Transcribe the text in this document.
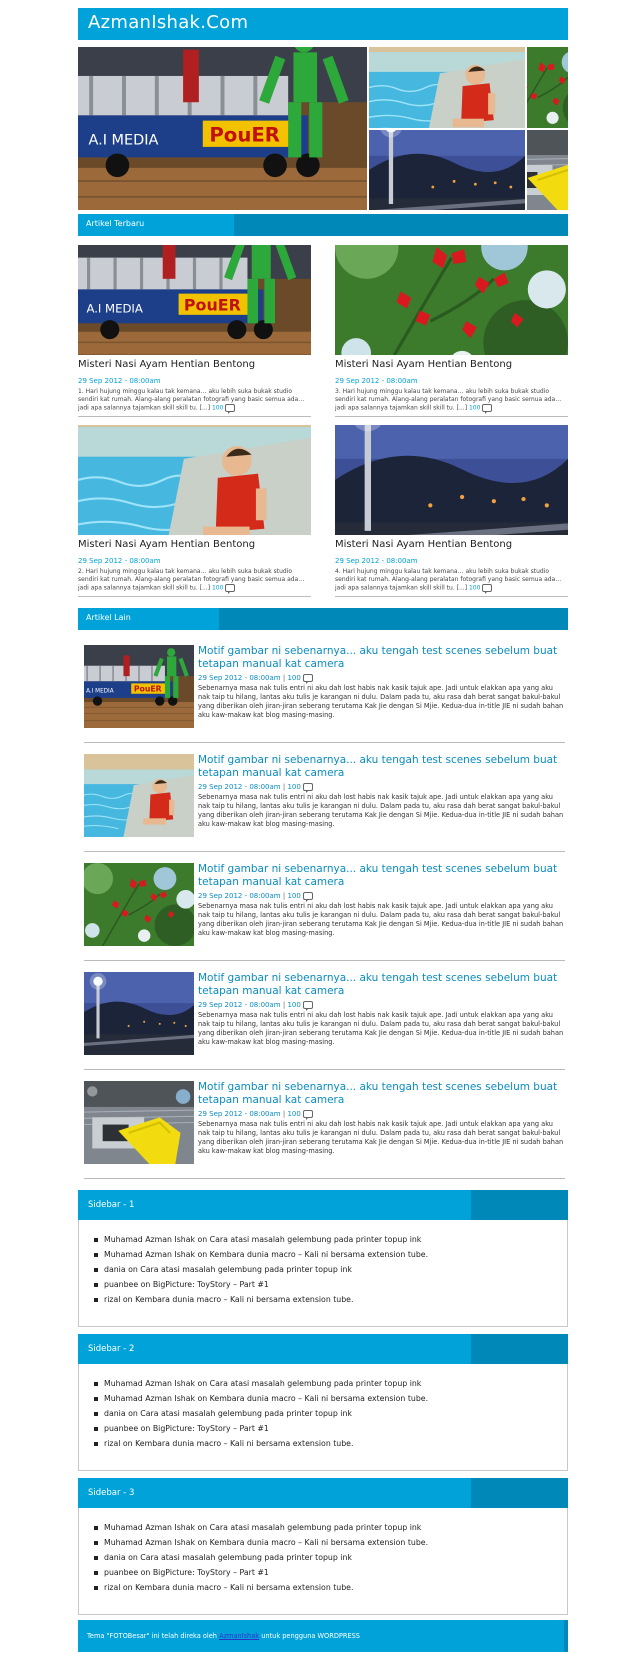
AzmanIshak.Com
Artikel Terbaru
Misteri Nasi Ayam Hentian Bentong
29 Sep 2012 - 08:00am
1. Hari hujung minggu kalau tak kemana… aku lebih suka bukak studio sendiri kat rumah. Alang-alang peralatan fotografi yang basic semua ada…jadi apa salannya tajamkan skill skill tu. [...] 100
Misteri Nasi Ayam Hentian Bentong
29 Sep 2012 - 08:00am
3. Hari hujung minggu kalau tak kemana… aku lebih suka bukak studio sendiri kat rumah. Alang-alang peralatan fotografi yang basic semua ada…jadi apa salannya tajamkan skill skill tu. [...] 100
Misteri Nasi Ayam Hentian Bentong
29 Sep 2012 - 08:00am
2. Hari hujung minggu kalau tak kemana… aku lebih suka bukak studio sendiri kat rumah. Alang-alang peralatan fotografi yang basic semua ada…jadi apa salannya tajamkan skill skill tu. [...] 100
Misteri Nasi Ayam Hentian Bentong
29 Sep 2012 - 08:00am
4. Hari hujung minggu kalau tak kemana… aku lebih suka bukak studio sendiri kat rumah. Alang-alang peralatan fotografi yang basic semua ada…jadi apa salannya tajamkan skill skill tu. [...] 100
Artikel Lain
Motif gambar ni sebenarnya... aku tengah test scenes sebelum buat tetapan manual kat camera
29 Sep 2012 - 08:00am | 100
Sebenarnya masa nak tulis entri ni aku dah lost habis nak kasik tajuk ape. Jadi untuk elakkan apa yang aku nak taip tu hilang, lantas aku tulis je karangan ni dulu. Dalam pada tu, aku rasa dah berat sangat bakul-bakul yang diberikan oleh jiran-jiran seberang terutama Kak Jie dengan Si Mjie. Kedua-dua in-title JIE ni sudah bahan aku kaw-makaw kat blog masing-masing.
Motif gambar ni sebenarnya... aku tengah test scenes sebelum buat tetapan manual kat camera
29 Sep 2012 - 08:00am | 100
Sebenarnya masa nak tulis entri ni aku dah lost habis nak kasik tajuk ape. Jadi untuk elakkan apa yang aku nak taip tu hilang, lantas aku tulis je karangan ni dulu. Dalam pada tu, aku rasa dah berat sangat bakul-bakul yang diberikan oleh jiran-jiran seberang terutama Kak Jie dengan Si Mjie. Kedua-dua in-title JIE ni sudah bahan aku kaw-makaw kat blog masing-masing.
Motif gambar ni sebenarnya... aku tengah test scenes sebelum buat tetapan manual kat camera
29 Sep 2012 - 08:00am | 100
Sebenarnya masa nak tulis entri ni aku dah lost habis nak kasik tajuk ape. Jadi untuk elakkan apa yang aku nak taip tu hilang, lantas aku tulis je karangan ni dulu. Dalam pada tu, aku rasa dah berat sangat bakul-bakul yang diberikan oleh jiran-jiran seberang terutama Kak Jie dengan Si Mjie. Kedua-dua in-title JIE ni sudah bahan aku kaw-makaw kat blog masing-masing.
Motif gambar ni sebenarnya... aku tengah test scenes sebelum buat tetapan manual kat camera
29 Sep 2012 - 08:00am | 100
Sebenarnya masa nak tulis entri ni aku dah lost habis nak kasik tajuk ape. Jadi untuk elakkan apa yang aku nak taip tu hilang, lantas aku tulis je karangan ni dulu. Dalam pada tu, aku rasa dah berat sangat bakul-bakul yang diberikan oleh jiran-jiran seberang terutama Kak Jie dengan Si Mjie. Kedua-dua in-title JIE ni sudah bahan aku kaw-makaw kat blog masing-masing.
Motif gambar ni sebenarnya... aku tengah test scenes sebelum buat tetapan manual kat camera
29 Sep 2012 - 08:00am | 100
Sebenarnya masa nak tulis entri ni aku dah lost habis nak kasik tajuk ape. Jadi untuk elakkan apa yang aku nak taip tu hilang, lantas aku tulis je karangan ni dulu. Dalam pada tu, aku rasa dah berat sangat bakul-bakul yang diberikan oleh jiran-jiran seberang terutama Kak Jie dengan Si Mjie. Kedua-dua in-title JIE ni sudah bahan aku kaw-makaw kat blog masing-masing.
Sidebar - 1
Muhamad Azman Ishak on Cara atasi masalah gelembung pada printer topup ink
Muhamad Azman Ishak on Kembara dunia macro – Kali ni bersama extension tube.
dania on Cara atasi masalah gelembung pada printer topup ink
puanbee on BigPicture: ToyStory – Part #1
rizal on Kembara dunia macro – Kali ni bersama extension tube.
Sidebar - 2
Muhamad Azman Ishak on Cara atasi masalah gelembung pada printer topup ink
Muhamad Azman Ishak on Kembara dunia macro – Kali ni bersama extension tube.
dania on Cara atasi masalah gelembung pada printer topup ink
puanbee on BigPicture: ToyStory – Part #1
rizal on Kembara dunia macro – Kali ni bersama extension tube.
Sidebar - 3
Muhamad Azman Ishak on Cara atasi masalah gelembung pada printer topup ink
Muhamad Azman Ishak on Kembara dunia macro – Kali ni bersama extension tube.
dania on Cara atasi masalah gelembung pada printer topup ink
puanbee on BigPicture: ToyStory – Part #1
rizal on Kembara dunia macro – Kali ni bersama extension tube.
Tema "FOTOBesar" ini telah direka oleh AzmanIshak untuk pengguna WORDPRESS
